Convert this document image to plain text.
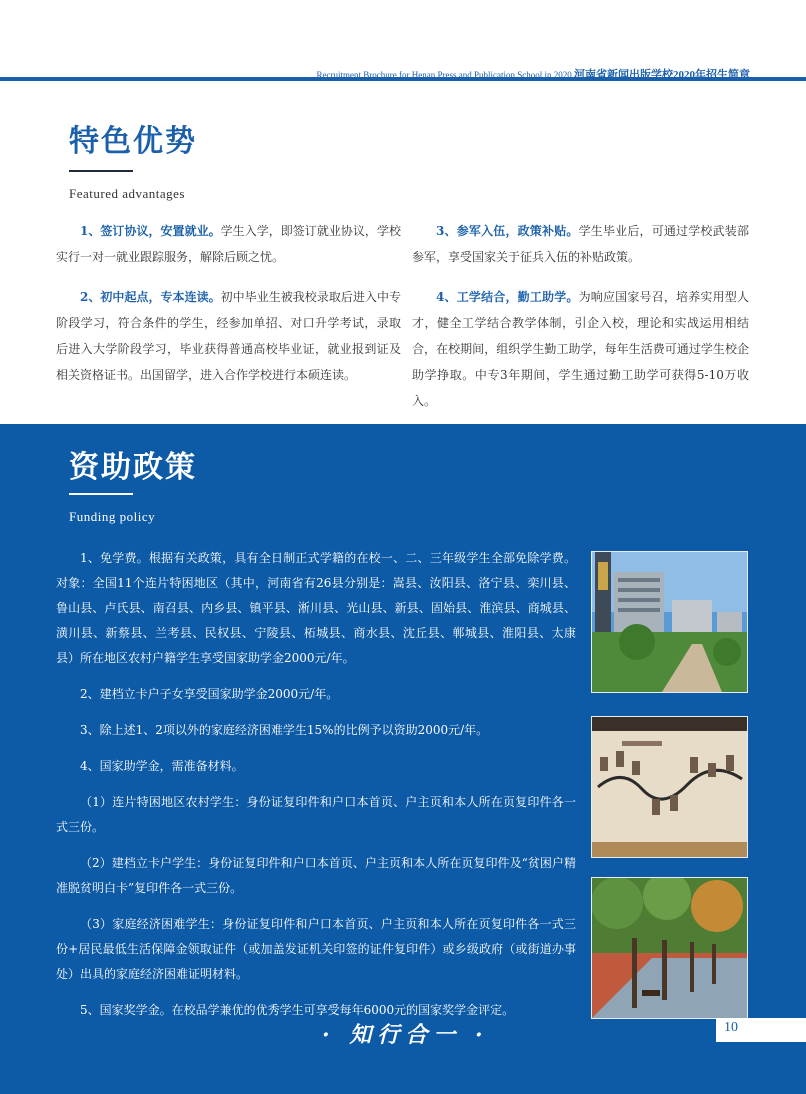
Recruitment Brochure for Henan Press and Publication School in 2020 河南省新闻出版学校2020年招生简章
特色优势
Featured advantages

1、签订协议，安置就业。学生入学，即签订就业协议，学校实行一对一就业跟踪服务，解除后顾之忧。

2、初中起点，专本连读。初中毕业生被我校录取后进入中专阶段学习，符合条件的学生，经参加单招、对口升学考试，录取后进入大学阶段学习，毕业获得普通高校毕业证，就业报到证及相关资格证书。出国留学，进入合作学校进行本硕连读。

3、参军入伍，政策补贴。学生毕业后，可通过学校武装部参军，享受国家关于征兵入伍的补贴政策。

4、工学结合，勤工助学。为响应国家号召，培养实用型人才，健全工学结合教学体制，引企入校，理论和实战运用相结合，在校期间，组织学生勤工助学，每年生活费可通过学生校企助学挣取。中专3年期间，学生通过勤工助学可获得5-10万收入。

资助政策
Funding policy

1、免学费。根据有关政策，具有全日制正式学籍的在校一、二、三年级学生全部免除学费。对象：全国11个连片特困地区（其中，河南省有26县分别是：嵩县、汝阳县、洛宁县、栾川县、鲁山县、卢氏县、南召县、内乡县、镇平县、淅川县、光山县、新县、固始县、淮滨县、商城县、潢川县、新蔡县、兰考县、民权县、宁陵县、柘城县、商水县、沈丘县、郸城县、淮阳县、太康县）所在地区农村户籍学生享受国家助学金2000元/年。

2、建档立卡户子女享受国家助学金2000元/年。

3、除上述1、2项以外的家庭经济困难学生15%的比例予以资助2000元/年。

4、国家助学金，需准备材料。

（1）连片特困地区农村学生：身份证复印件和户口本首页、户主页和本人所在页复印件各一式三份。

（2）建档立卡户学生：身份证复印件和户口本首页、户主页和本人所在页复印件及“贫困户精准脱贫明白卡”复印件各一式三份。

（3）家庭经济困难学生：身份证复印件和户口本首页、户主页和本人所在页复印件各一式三份+居民最低生活保障金领取证件（或加盖发证机关印签的证件复印件）或乡级政府（或街道办事处）出具的家庭经济困难证明材料。

5、国家奖学金。在校品学兼优的优秀学生可享受每年6000元的国家奖学金评定。

· 知行合一 ·	10
